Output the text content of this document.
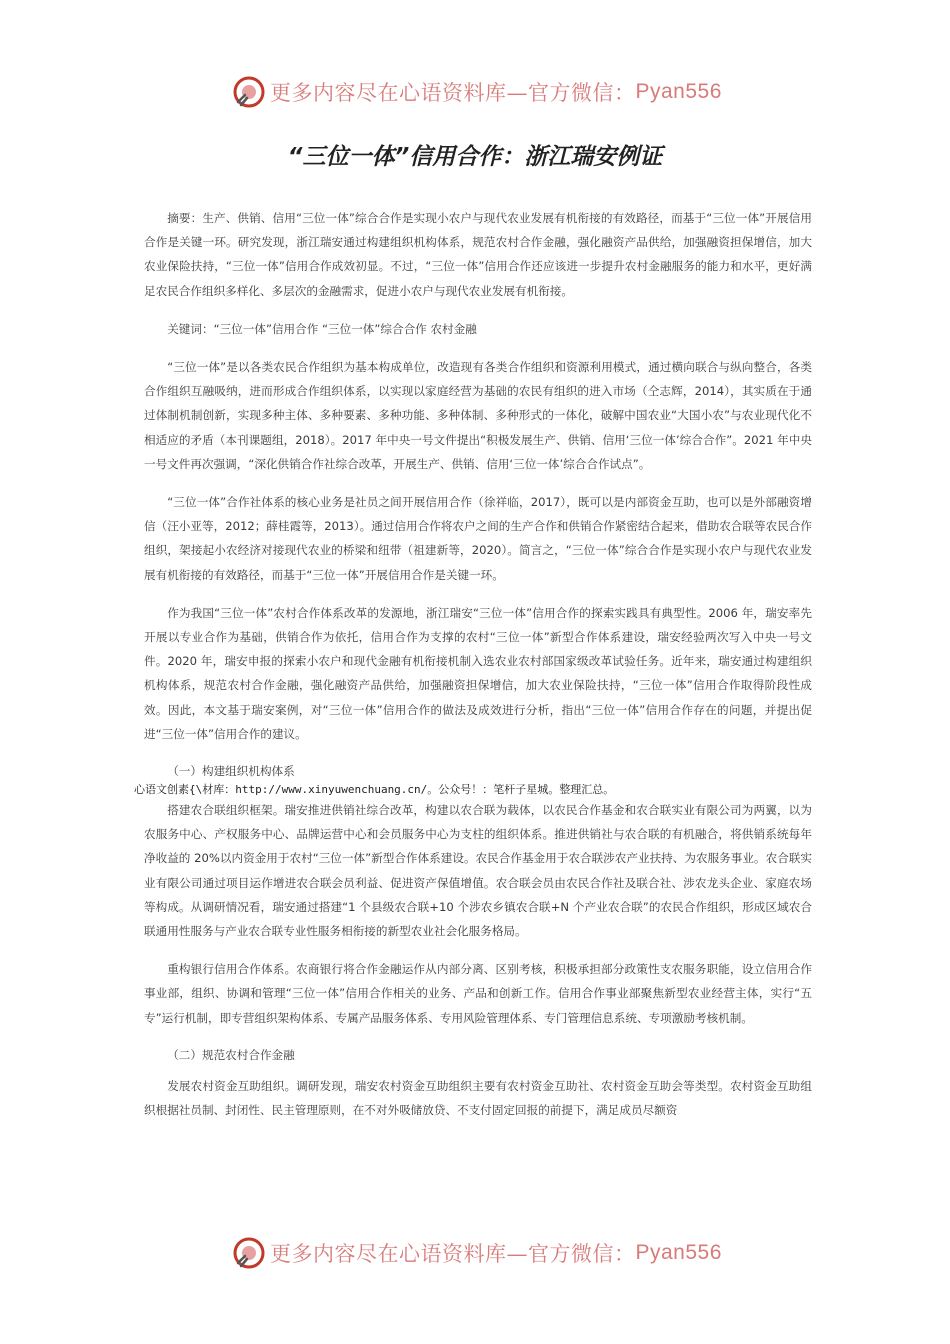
更多内容尽在心语资料库—官方微信： Pyan556
“三位一体”信用合作：浙江瑞安例证

摘要：生产、供销、信用“三位一体”综合合作是实现小农户与现代农业发展有机衔接的有效路径，而基于“三位一体”开展信用合作是关键一环。研究发现，浙江瑞安通过构建组织机构体系，规范农村合作金融，强化融资产品供给，加强融资担保增信，加大农业保险扶持，“三位一体”信用合作成效初显。不过，“三位一体”信用合作还应该进一步提升农村金融服务的能力和水平，更好满足农民合作组织多样化、多层次的金融需求，促进小农户与现代农业发展有机衔接。

关键词：“三位一体”信用合作 “三位一体”综合合作 农村金融

“三位一体”是以各类农民合作组织为基本构成单位，改造现有各类合作组织和资源利用模式，通过横向联合与纵向整合，各类合作组织互融吸纳，进而形成合作组织体系，以实现以家庭经营为基础的农民有组织的进入市场（仝志辉，2014），其实质在于通过体制机制创新，实现多种主体、多种要素、多种功能、多种体制、多种形式的一体化，破解中国农业“大国小农”与农业现代化不相适应的矛盾（本刊课题组，2018）。2017 年中央一号文件提出“积极发展生产、供销、信用‘三位一体’综合合作”。2021 年中央一号文件再次强调，“深化供销合作社综合改革，开展生产、供销、信用‘三位一体’综合合作试点”。

“三位一体”合作社体系的核心业务是社员之间开展信用合作（徐祥临，2017），既可以是内部资金互助，也可以是外部融资增信（汪小亚等，2012；薛桂霞等，2013）。通过信用合作将农户之间的生产合作和供销合作紧密结合起来，借助农合联等农民合作组织，架接起小农经济对接现代农业的桥梁和纽带（祖建新等，2020）。简言之，“三位一体”综合合作是实现小农户与现代农业发展有机衔接的有效路径，而基于“三位一体”开展信用合作是关键一环。

作为我国“三位一体”农村合作体系改革的发源地，浙江瑞安“三位一体”信用合作的探索实践具有典型性。2006 年，瑞安率先开展以专业合作为基础，供销合作为依托，信用合作为支撑的农村“三位一体”新型合作体系建设，瑞安经验两次写入中央一号文件。2020 年，瑞安申报的探索小农户和现代金融有机衔接机制入选农业农村部国家级改革试验任务。近年来，瑞安通过构建组织机构体系，规范农村合作金融，强化融资产品供给，加强融资担保增信，加大农业保险扶持，“三位一体”信用合作取得阶段性成效。因此，本文基于瑞安案例，对“三位一体”信用合作的做法及成效进行分析，指出“三位一体”信用合作存在的问题，并提出促进“三位一体”信用合作的建议。

（一）构建组织机构体系

心语文创素{\材库：http://www.xinyuwenchuang.cn/。公众号！：笔杆子星城。整理汇总。

搭建农合联组织框架。瑞安推进供销社综合改革，构建以农合联为载体，以农民合作基金和农合联实业有限公司为两翼，以为农服务中心、产权服务中心、品牌运营中心和会员服务中心为支柱的组织体系。推进供销社与农合联的有机融合，将供销系统每年净收益的 20%以内资金用于农村“三位一体”新型合作体系建设。农民合作基金用于农合联涉农产业扶持、为农服务事业。农合联实业有限公司通过项目运作增进农合联会员利益、促进资产保值增值。农合联会员由农民合作社及联合社、涉农龙头企业、家庭农场等构成。从调研情况看，瑞安通过搭建“1 个县级农合联+10 个涉农乡镇农合联+N 个产业农合联”的农民合作组织，形成区域农合联通用性服务与产业农合联专业性服务相衔接的新型农业社会化服务格局。

重构银行信用合作体系。农商银行将合作金融运作从内部分离、区别考核，积极承担部分政策性支农服务职能，设立信用合作事业部，组织、协调和管理“三位一体”信用合作相关的业务、产品和创新工作。信用合作事业部聚焦新型农业经营主体，实行“五专”运行机制，即专营组织架构体系、专属产品服务体系、专用风险管理体系、专门管理信息系统、专项激励考核机制。

（二）规范农村合作金融

发展农村资金互助组织。调研发现，瑞安农村资金互助组织主要有农村资金互助社、农村资金互助会等类型。农村资金互助组织根据社员制、封闭性、民主管理原则，在不对外吸储放贷、不支付固定回报的前提下，满足成员尽额资

更多内容尽在心语资料库—官方微信： Pyan556
